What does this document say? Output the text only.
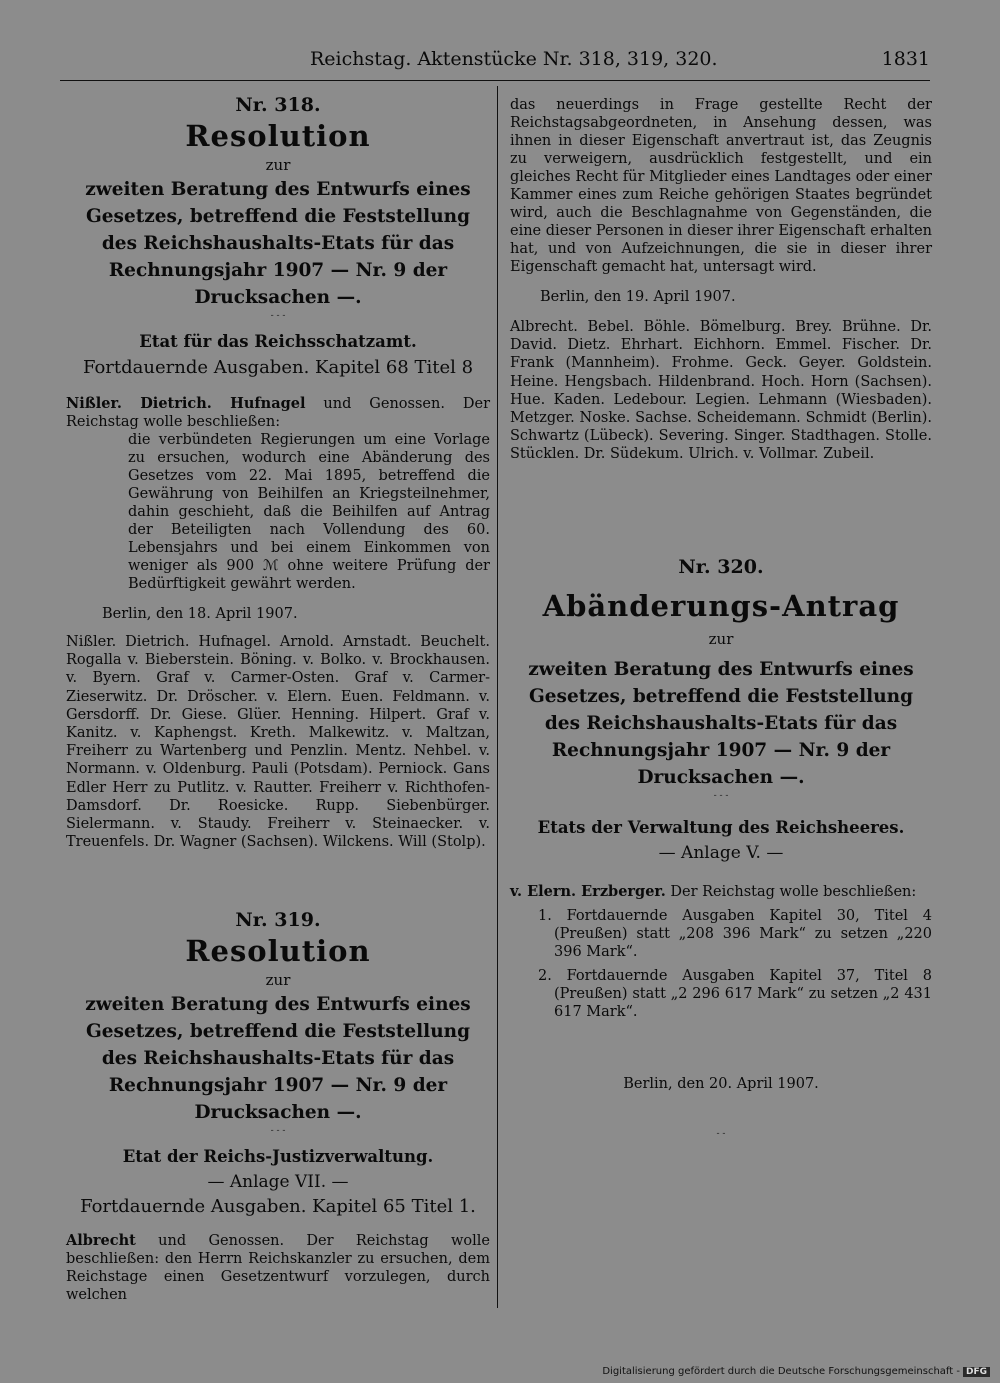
Reichstag. Aktenstücke Nr. 318, 319, 320.	1831

Nr. 318.

Resolution

zur
zweiten Beratung des Entwurfs eines Gesetzes, betreffend die Feststellung des Reichshaushalts-Etats für das Rechnungsjahr 1907 — Nr. 9 der Drucksachen —.
- - -
Etat für das Reichsschatzamt.
Fortdauernde Ausgaben. Kapitel 68 Titel 8
Nißler. Dietrich. Hufnagel und Genossen. Der Reichstag wolle beschließen:
die verbündeten Regierungen um eine Vorlage zu ersuchen, wodurch eine Abänderung des Gesetzes vom 22. Mai 1895, betreffend die Gewährung von Beihilfen an Kriegsteilnehmer, dahin geschieht, daß die Beihilfen auf Antrag der Beteiligten nach Vollendung des 60. Lebensjahrs und bei einem Einkommen von weniger als 900 ℳ ohne weitere Prüfung der Bedürftigkeit gewährt werden.
Berlin, den 18. April 1907.
Nißler. Dietrich. Hufnagel. Arnold. Arnstadt. Beuchelt. Rogalla v. Bieberstein. Böning. v. Bolko. v. Brockhausen. v. Byern. Graf v. Carmer-Osten. Graf v. Carmer-Zieserwitz. Dr. Dröscher. v. Elern. Euen. Feldmann. v. Gersdorff. Dr. Giese. Glüer. Henning. Hilpert. Graf v. Kanitz. v. Kaphengst. Kreth. Malkewitz. v. Maltzan, Freiherr zu Wartenberg und Penzlin. Mentz. Nehbel. v. Normann. v. Oldenburg. Pauli (Potsdam). Perniock. Gans Edler Herr zu Putlitz. v. Rautter. Freiherr v. Richthofen-Damsdorf. Dr. Roesicke. Rupp. Siebenbürger. Sielermann. v. Staudy. Freiherr v. Steinaecker. v. Treuenfels. Dr. Wagner (Sachsen). Wilckens. Will (Stolp).

Nr. 319.

Resolution

zur
zweiten Beratung des Entwurfs eines Gesetzes, betreffend die Feststellung des Reichshaushalts-Etats für das Rechnungsjahr 1907 — Nr. 9 der Drucksachen —.
- - -
Etat der Reichs-Justizverwaltung.
— Anlage VII. —
Fortdauernde Ausgaben. Kapitel 65 Titel 1.
Albrecht und Genossen. Der Reichstag wolle beschließen: den Herrn Reichskanzler zu ersuchen, dem Reichstage einen Gesetzentwurf vorzulegen, durch welchen
das neuerdings in Frage gestellte Recht der Reichstagsabgeordneten, in Ansehung dessen, was ihnen in dieser Eigenschaft anvertraut ist, das Zeugnis zu verweigern, ausdrücklich festgestellt, und ein gleiches Recht für Mitglieder eines Landtages oder einer Kammer eines zum Reiche gehörigen Staates begründet wird, auch die Beschlagnahme von Gegenständen, die eine dieser Personen in dieser ihrer Eigenschaft erhalten hat, und von Aufzeichnungen, die sie in dieser ihrer Eigenschaft gemacht hat, untersagt wird.
Berlin, den 19. April 1907.
Albrecht. Bebel. Böhle. Bömelburg. Brey. Brühne. Dr. David. Dietz. Ehrhart. Eichhorn. Emmel. Fischer. Dr. Frank (Mannheim). Frohme. Geck. Geyer. Goldstein. Heine. Hengsbach. Hildenbrand. Hoch. Horn (Sachsen). Hue. Kaden. Ledebour. Legien. Lehmann (Wiesbaden). Metzger. Noske. Sachse. Scheidemann. Schmidt (Berlin). Schwartz (Lübeck). Severing. Singer. Stadthagen. Stolle. Stücklen. Dr. Südekum. Ulrich. v. Vollmar. Zubeil.

Nr. 320.

Abänderungs-Antrag

zur
zweiten Beratung des Entwurfs eines Gesetzes, betreffend die Feststellung des Reichshaushalts-Etats für das Rechnungsjahr 1907 — Nr. 9 der Drucksachen —.
- - -
Etats der Verwaltung des Reichsheeres.
— Anlage V. —
v. Elern. Erzberger. Der Reichstag wolle beschließen:
1. Fortdauernde Ausgaben Kapitel 30, Titel 4 (Preußen) statt „208 396 Mark“ zu setzen „220 396 Mark“.
2. Fortdauernde Ausgaben Kapitel 37, Titel 8 (Preußen) statt „2 296 617 Mark“ zu setzen „2 431 617 Mark“.
Berlin, den 20. April 1907.
- -
Digitalisierung gefördert durch die Deutsche Forschungsgemeinschaft - DFG
